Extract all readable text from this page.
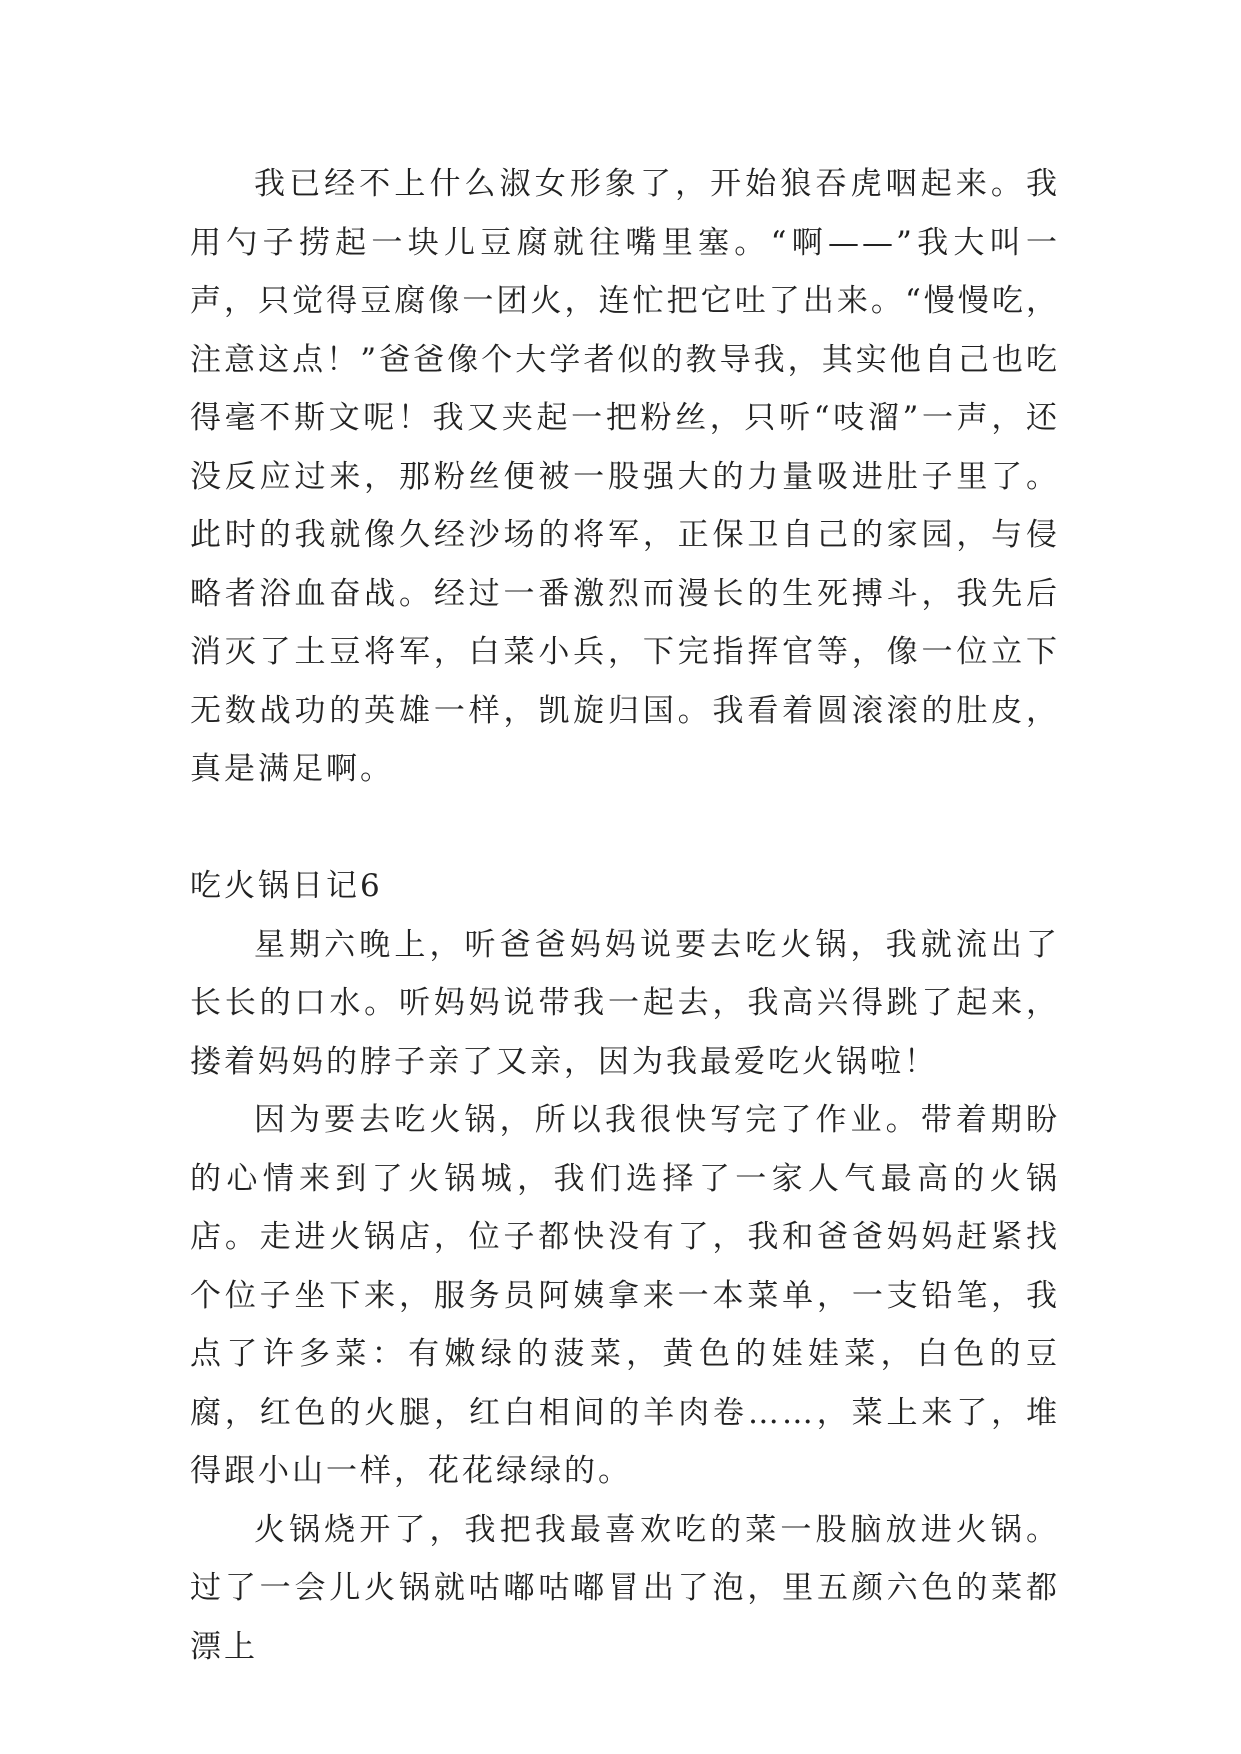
我已经不上什么淑女形象了，开始狼吞虎咽起来。我用勺子捞起一块儿豆腐就往嘴里塞。“啊——”我大叫一声，只觉得豆腐像一团火，连忙把它吐了出来。“慢慢吃，注意这点！”爸爸像个大学者似的教导我，其实他自己也吃得毫不斯文呢！我又夹起一把粉丝，只听“吱溜”一声，还没反应过来，那粉丝便被一股强大的力量吸进肚子里了。此时的我就像久经沙场的将军，正保卫自己的家园，与侵略者浴血奋战。经过一番激烈而漫长的生死搏斗，我先后消灭了土豆将军，白菜小兵，下完指挥官等，像一位立下无数战功的英雄一样，凯旋归国。我看着圆滚滚的肚皮，真是满足啊。

吃火锅日记6

星期六晚上，听爸爸妈妈说要去吃火锅，我就流出了长长的口水。听妈妈说带我一起去，我高兴得跳了起来，搂着妈妈的脖子亲了又亲，因为我最爱吃火锅啦！

因为要去吃火锅，所以我很快写完了作业。带着期盼的心情来到了火锅城，我们选择了一家人气最高的火锅店。走进火锅店，位子都快没有了，我和爸爸妈妈赶紧找个位子坐下来，服务员阿姨拿来一本菜单，一支铅笔，我点了许多菜：有嫩绿的菠菜，黄色的娃娃菜，白色的豆腐，红色的火腿，红白相间的羊肉卷……，菜上来了，堆得跟小山一样，花花绿绿的。

火锅烧开了，我把我最喜欢吃的菜一股脑放进火锅。过了一会儿火锅就咕嘟咕嘟冒出了泡，里五颜六色的菜都漂上
